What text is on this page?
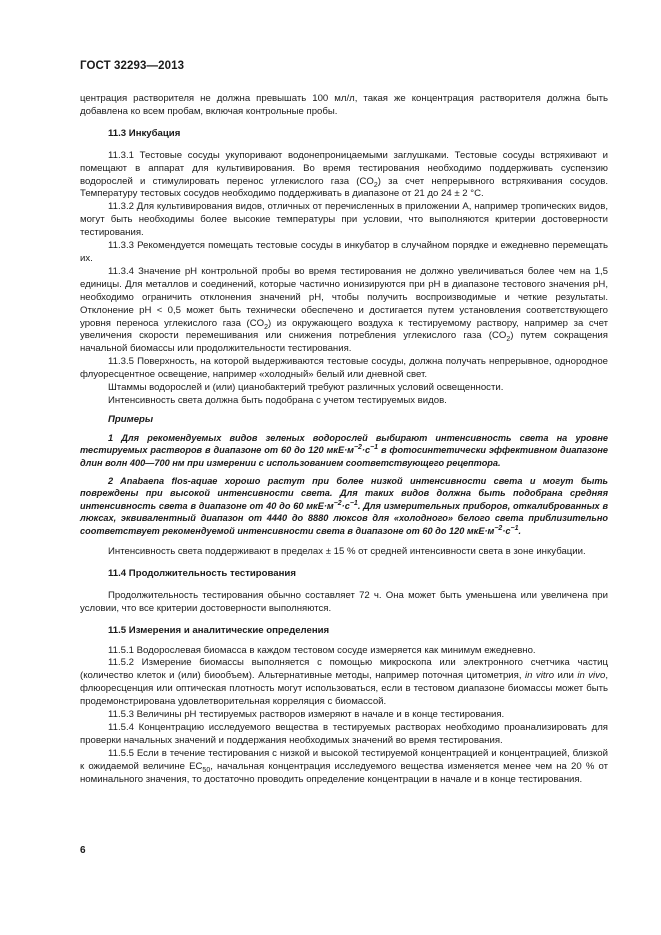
ГОСТ 32293—2013

центрация растворителя не должна превышать 100 мл/л, такая же концентрация растворителя должна быть добавлена ко всем пробам, включая контрольные пробы.

11.3 Инкубация

11.3.1 Тестовые сосуды укупоривают водонепроницаемыми заглушками. Тестовые сосуды встряхивают и помещают в аппарат для культивирования. Во время тестирования необходимо поддерживать суспензию водорослей и стимулировать перенос углекислого газа $(CO_2)$ за счет непрерывного встряхивания сосудов. Температуру тестовых сосудов необходимо поддерживать в диапазоне от 21 до 24 ± 2 °С.

11.3.2 Для культивирования видов, отличных от перечисленных в приложении А, например тропических видов, могут быть необходимы более высокие температуры при условии, что выполняются критерии достоверности тестирования.

11.3.3 Рекомендуется помещать тестовые сосуды в инкубатор в случайном порядке и ежедневно перемещать их.

11.3.4 Значение pH контрольной пробы во время тестирования не должно увеличиваться более чем на 1,5 единицы. Для металлов и соединений, которые частично ионизируются при pH в диапазоне тестового значения pH, необходимо ограничить отклонения значений pH, чтобы получить воспроизводимые и четкие результаты. Отклонение pH < 0,5 может быть технически обеспечено и достигается путем установления соответствующего уровня переноса углекислого газа $(CO_2)$ из окружающего воздуха к тестируемому раствору, например за счет увеличения скорости перемешивания или снижения потребления углекислого газа $(CO_2)$ путем сокращения начальной биомассы или продолжительности тестирования.

11.3.5 Поверхность, на которой выдерживаются тестовые сосуды, должна получать непрерывное, однородное флуоресцентное освещение, например «холодный» белый или дневной свет.

Штаммы водорослей и (или) цианобактерий требуют различных условий освещенности.

Интенсивность света должна быть подобрана с учетом тестируемых видов.

Примеры

1 Для рекомендуемых видов зеленых водорослей выбирают интенсивность света на уровне тестируемых растворов в диапазоне от 60 до 120 $мкЕ\cdot м^{-2}\cdot с^{-1}$ в фотосинтетически эффективном диапазоне длин волн 400—700 нм при измерении с использованием соответствующего рецептора.

2 Anabaena flos-aquae хорошо растут при более низкой интенсивности света и могут быть повреждены при высокой интенсивности света. Для таких видов должна быть подобрана средняя интенсивность света в диапазоне от 40 до 60 $мкЕ\cdot м^{-2}\cdot с^{-1}$. Для измерительных приборов, откалиброванных в люксах, эквивалентный диапазон от 4440 до 8880 люксов для «холодного» белого света приблизительно соответствует рекомендуемой интенсивности света в диапазоне от 60 до 120 $мкЕ\cdot м^{-2}\cdot с^{-1}$.

Интенсивность света поддерживают в пределах ± 15 % от средней интенсивности света в зоне инкубации.

11.4 Продолжительность тестирования

Продолжительность тестирования обычно составляет 72 ч. Она может быть уменьшена или увеличена при условии, что все критерии достоверности выполняются.

11.5 Измерения и аналитические определения

11.5.1 Водорослевая биомасса в каждом тестовом сосуде измеряется как минимум ежедневно.

11.5.2 Измерение биомассы выполняется с помощью микроскопа или электронного счетчика частиц (количество клеток и (или) биообъем). Альтернативные методы, например поточная цитометрия, in vitro или in vivo, флюоресценция или оптическая плотность могут использоваться, если в тестовом диапазоне биомассы может быть продемонстрирована удовлетворительная корреляция с биомассой.

11.5.3 Величины pH тестируемых растворов измеряют в начале и в конце тестирования.

11.5.4 Концентрацию исследуемого вещества в тестируемых растворах необходимо проанализировать для проверки начальных значений и поддержания необходимых значений во время тестирования.

11.5.5 Если в течение тестирования с низкой и высокой тестируемой концентрацией и концентрацией, близкой к ожидаемой величине $ЕС_{50}$, начальная концентрация исследуемого вещества изменяется менее чем на 20 % от номинального значения, то достаточно проводить определение концентрации в начале и в конце тестирования.

6
